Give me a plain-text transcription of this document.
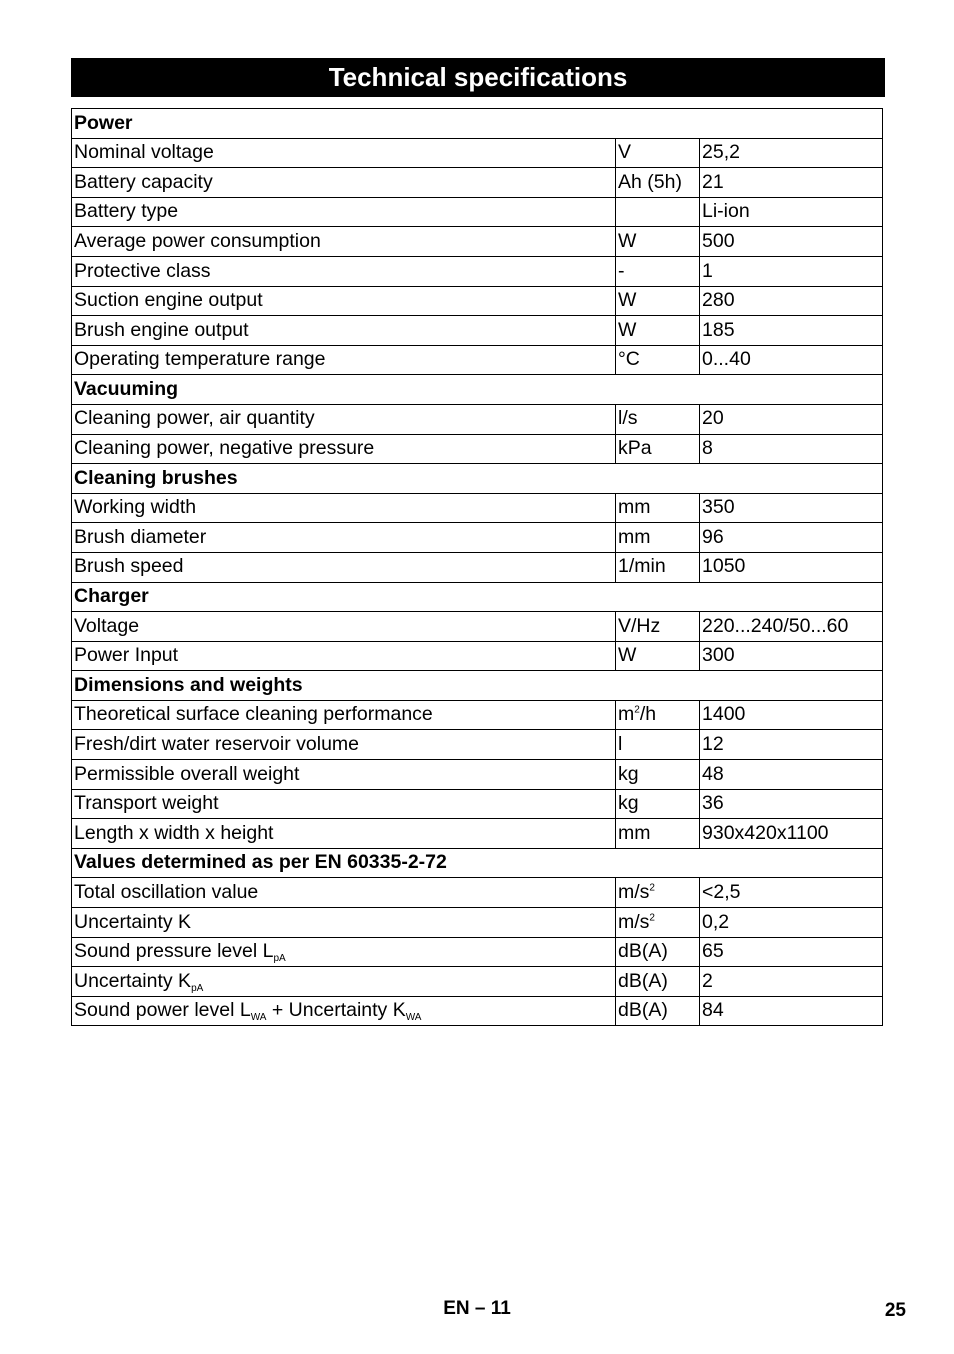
Technical specifications
Power		
Nominal voltage	V	25,2
Battery capacity	Ah (5h)	21
Battery type		Li-ion
Average power consumption	W	500
Protective class	-	1
Suction engine output	W	280
Brush engine output	W	185
Operating temperature range	°C	0...40
Vacuuming		
Cleaning power, air quantity	l/s	20
Cleaning power, negative pressure	kPa	8
Cleaning brushes		
Working width	mm	350
Brush diameter	mm	96
Brush speed	1/min	1050
Charger		
Voltage	V/Hz	220...240/50...60
Power Input	W	300
Dimensions and weights		
Theoretical surface cleaning performance	$m^2/h$	1400
Fresh/dirt water reservoir volume	l	12
Permissible overall weight	kg	48
Transport weight	kg	36
Length x width x height	mm	930x420x1100
Values determined as per EN 60335-2-72		
Total oscillation value	$m/s^2$	<2,5
Uncertainty K	$m/s^2$	0,2
Sound pressure level $L_{pA}$	dB(A)	65
Uncertainty $K_{pA}$	dB(A)	2
Sound power level $L_{WA}$ + Uncertainty $K_{WA}$	dB(A)	84
EN – 11	25
